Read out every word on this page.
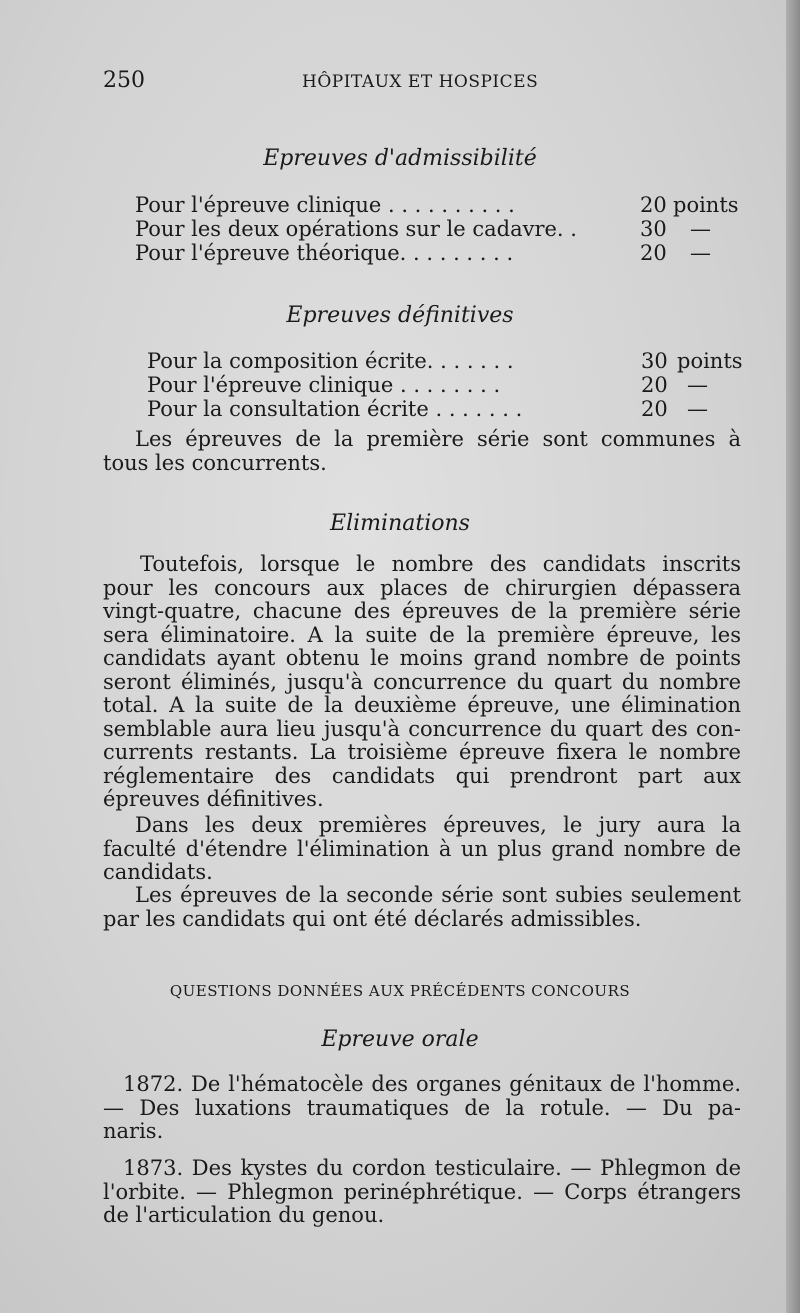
250	HÔPITAUX ET HOSPICES
Epreuves d'admissibilité
Pour l'épreuve clinique . . . . . . . . . .	20 points
Pour les deux opérations sur le cadavre. .	30 —
Pour l'épreuve théorique. . . . . . . . .	20 —
Epreuves définitives
Pour la composition écrite. . . . . . .	30 points
Pour l'épreuve clinique . . . . . . . .	20 —
Pour la consultation écrite . . . . . . .	20 —
Les épreuves de la première série sont communes à
tous les concurrents.
Eliminations
Toutefois, lorsque le nombre des candidats inscrits
pour les concours aux places de chirurgien dépassera
vingt-quatre, chacune des épreuves de la première série
sera éliminatoire. A la suite de la première épreuve, les
candidats ayant obtenu le moins grand nombre de points
seront éliminés, jusqu'à concurrence du quart du nombre
total. A la suite de la deuxième épreuve, une élimination
semblable aura lieu jusqu'à concurrence du quart des con-
currents restants. La troisième épreuve fixera le nombre
réglementaire des candidats qui prendront part aux
épreuves définitives.
Dans les deux premières épreuves, le jury aura la
faculté d'étendre l'élimination à un plus grand nombre de
candidats.
Les épreuves de la seconde série sont subies seulement
par les candidats qui ont été déclarés admissibles.
QUESTIONS DONNÉES AUX PRÉCÉDENTS CONCOURS
Epreuve orale
1872. De l'hématocèle des organes génitaux de l'homme.
— Des luxations traumatiques de la rotule. — Du pa-
naris.
1873. Des kystes du cordon testiculaire. — Phlegmon de
l'orbite. — Phlegmon perinéphrétique. — Corps étrangers
de l'articulation du genou.
